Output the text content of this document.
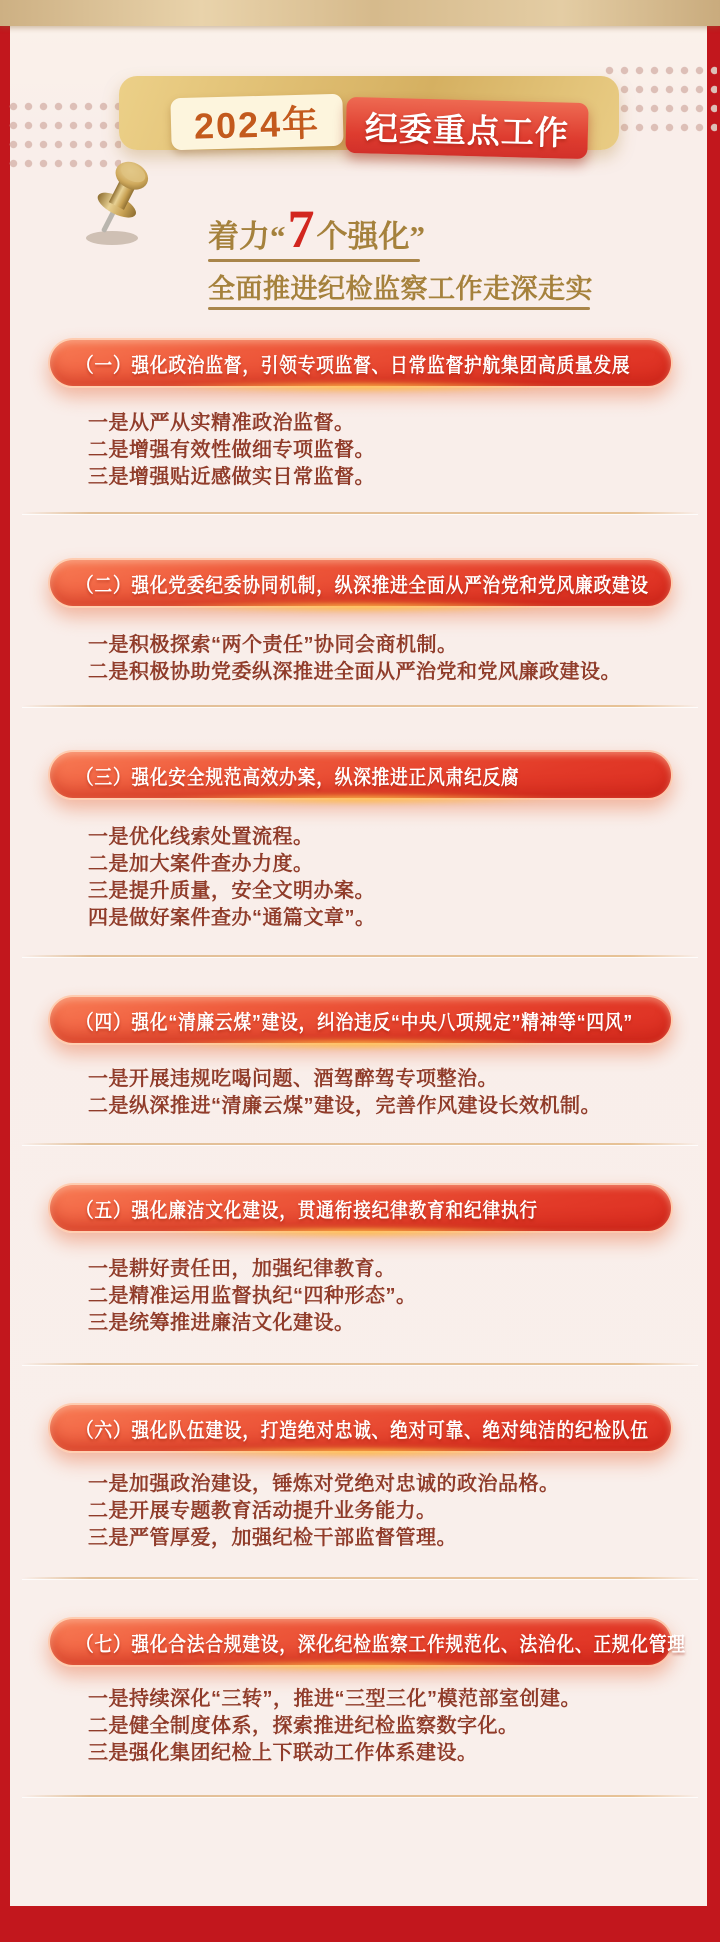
2024年 纪委重点工作
着力“7个强化”
全面推进纪检监察工作走深走实
（一）强化政治监督，引领专项监督、日常监督护航集团高质量发展
一是从严从实精准政治监督。
二是增强有效性做细专项监督。
三是增强贴近感做实日常监督。
（二）强化党委纪委协同机制，纵深推进全面从严治党和党风廉政建设
一是积极探索“两个责任”协同会商机制。
二是积极协助党委纵深推进全面从严治党和党风廉政建设。
（三）强化安全规范高效办案，纵深推进正风肃纪反腐
一是优化线索处置流程。
二是加大案件查办力度。
三是提升质量，安全文明办案。
四是做好案件查办“通篇文章”。
（四）强化“清廉云煤”建设，纠治违反“中央八项规定”精神等“四风”
一是开展违规吃喝问题、酒驾醉驾专项整治。
二是纵深推进“清廉云煤”建设，完善作风建设长效机制。
（五）强化廉洁文化建设，贯通衔接纪律教育和纪律执行
一是耕好责任田，加强纪律教育。
二是精准运用监督执纪“四种形态”。
三是统筹推进廉洁文化建设。
（六）强化队伍建设，打造绝对忠诚、绝对可靠、绝对纯洁的纪检队伍
一是加强政治建设，锤炼对党绝对忠诚的政治品格。
二是开展专题教育活动提升业务能力。
三是严管厚爱，加强纪检干部监督管理。
（七）强化合法合规建设，深化纪检监察工作规范化、法治化、正规化管理
一是持续深化“三转”，推进“三型三化”模范部室创建。
二是健全制度体系，探索推进纪检监察数字化。
三是强化集团纪检上下联动工作体系建设。
